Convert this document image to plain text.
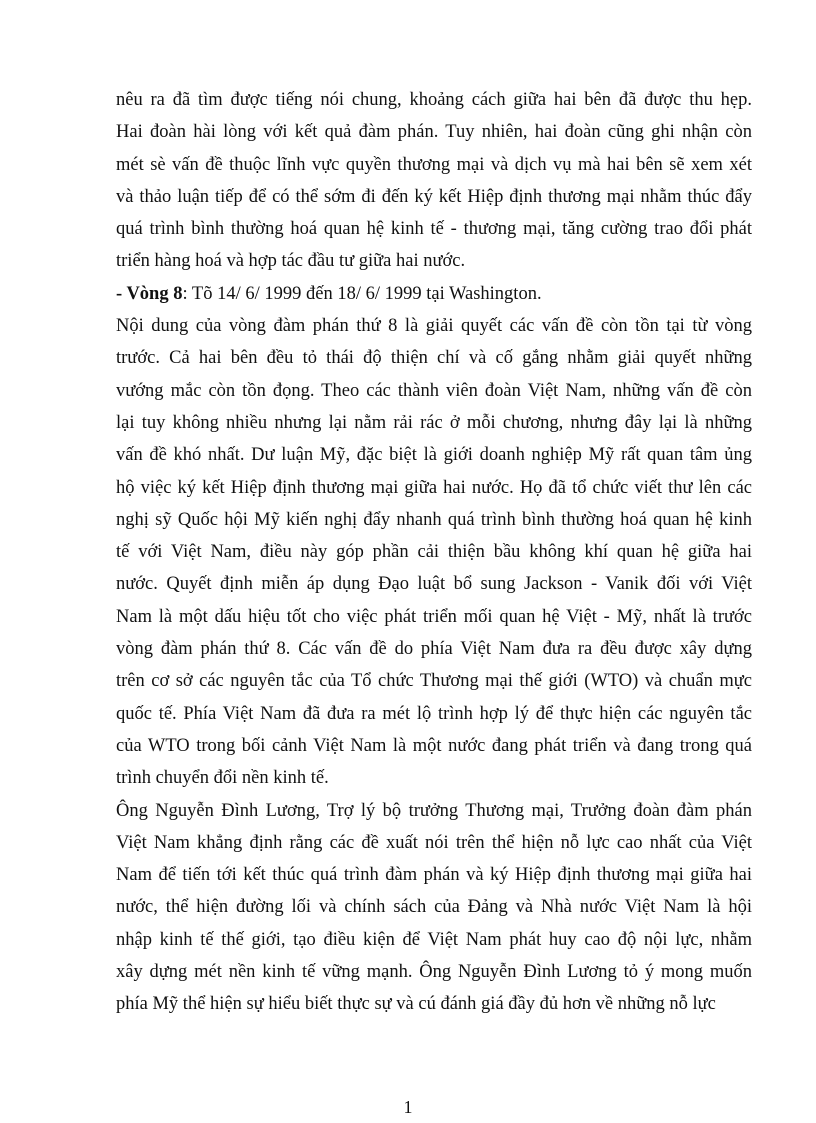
nêu ra đã tìm được tiếng nói chung, khoảng cách giữa hai bên đã được thu hẹp.
Hai đoàn hài lòng với kết quả đàm phán. Tuy nhiên, hai đoàn cũng ghi nhận còn
mét sè vấn đề thuộc lĩnh vực quyền thương mại và dịch vụ mà hai bên sẽ xem xét
và thảo luận tiếp để có thể sớm đi đến ký kết Hiệp định thương mại nhằm thúc đẩy
quá trình bình thường hoá quan hệ kinh tế - thương mại, tăng cường trao đổi phát
triển hàng hoá và hợp tác đầu tư giữa hai nước.
- Vòng 8: Tõ 14/ 6/ 1999 đến 18/ 6/ 1999 tại Washington.
Nội dung của vòng đàm phán thứ 8 là giải quyết các vấn đề còn tồn tại từ vòng
trước. Cả hai bên đều tỏ thái độ thiện chí và cố gắng nhằm giải quyết những
vướng mắc còn tồn đọng. Theo các thành viên đoàn Việt Nam, những vấn đề còn
lại tuy không nhiều nhưng lại nằm rải rác ở mỗi chương, nhưng đây lại là những
vấn đề khó nhất. Dư luận Mỹ, đặc biệt là giới doanh nghiệp Mỹ rất quan tâm ủng
hộ việc ký kết Hiệp định thương mại giữa hai nước. Họ đã tổ chức viết thư lên các
nghị sỹ Quốc hội Mỹ kiến nghị đẩy nhanh quá trình bình thường hoá quan hệ kinh
tế với Việt Nam, điều này góp phần cải thiện bầu không khí quan hệ giữa hai
nước. Quyết định miễn áp dụng Đạo luật bổ sung Jackson - Vanik đối với Việt
Nam là một dấu hiệu tốt cho việc phát triển mối quan hệ Việt - Mỹ, nhất là trước
vòng đàm phán thứ 8. Các vấn đề do phía Việt Nam đưa ra đều được xây dựng
trên cơ sở các nguyên tắc của Tổ chức Thương mại thế giới (WTO) và chuẩn mực
quốc tế. Phía Việt Nam đã đưa ra mét lộ trình hợp lý để thực hiện các nguyên tắc
của WTO trong bối cảnh Việt Nam là một nước đang phát triển và đang trong quá
trình chuyển đổi nền kinh tế.
Ông Nguyễn Đình Lương, Trợ lý bộ trưởng Thương mại, Trưởng đoàn đàm phán
Việt Nam khẳng định rằng các đề xuất nói trên thể hiện nỗ lực cao nhất của Việt
Nam để tiến tới kết thúc quá trình đàm phán và ký Hiệp định thương mại giữa hai
nước, thể hiện đường lối và chính sách của Đảng và Nhà nước Việt Nam là hội
nhập kinh tế thế giới, tạo điều kiện để Việt Nam phát huy cao độ nội lực, nhằm
xây dựng mét nền kinh tế vững mạnh. Ông Nguyễn Đình Lương tỏ ý mong muốn
phía Mỹ thể hiện sự hiểu biết thực sự và cú đánh giá đầy đủ hơn về những nỗ lực
1
